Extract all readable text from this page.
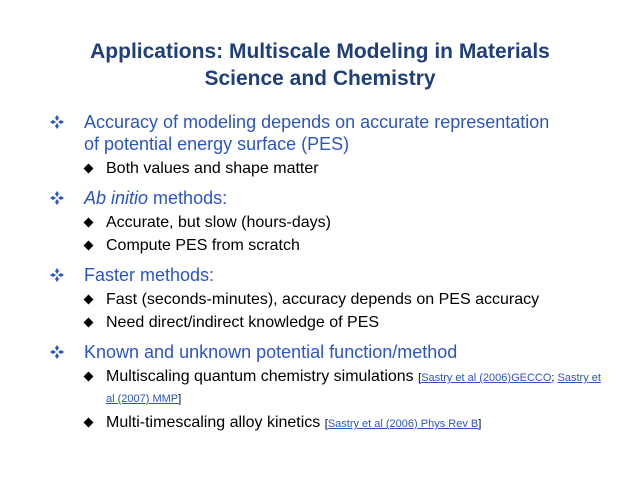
Applications: Multiscale Modeling in Materials
Science and Chemistry
Accuracy of modeling depends on accurate representation
of potential energy surface (PES)
Both values and shape matter
Ab initio methods:
Accurate, but slow (hours-days)
Compute PES from scratch
Faster methods:
Fast (seconds-minutes), accuracy depends on PES accuracy
Need direct/indirect knowledge of PES
Known and unknown potential function/method
Multiscaling quantum chemistry simulations [Sastry et al (2006)GECCO; Sastry et al (2007) MMP]
Multi-timescaling alloy kinetics [Sastry et al (2006) Phys Rev B]
